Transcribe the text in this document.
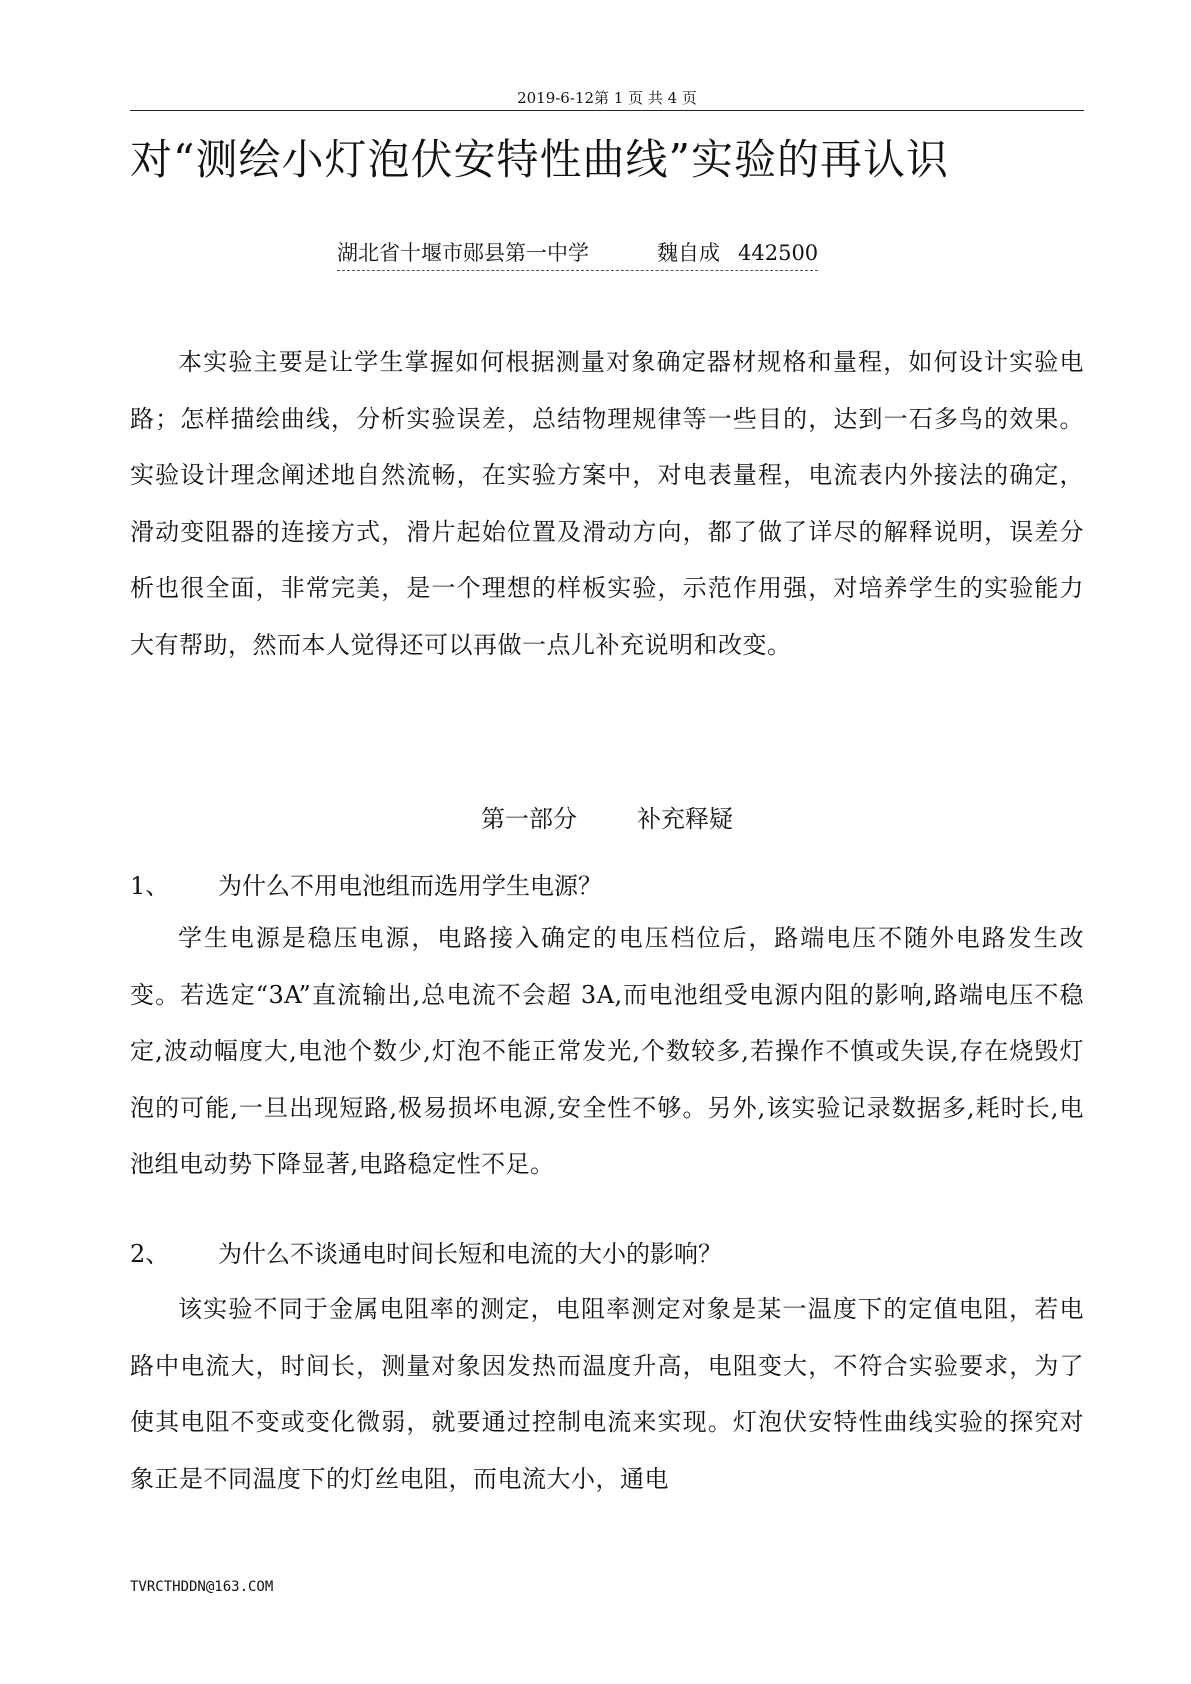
2019-6-12第 1 页 共 4 页
对“测绘小灯泡伏安特性曲线”实验的再认识
湖北省十堰市郧县第一中学	魏自成 442500
本实验主要是让学生掌握如何根据测量对象确定器材规格和量程，如何设计实验电路；怎样描绘曲线，分析实验误差，总结物理规律等一些目的，达到一石多鸟的效果。实验设计理念阐述地自然流畅，在实验方案中，对电表量程，电流表内外接法的确定，滑动变阻器的连接方式，滑片起始位置及滑动方向，都了做了详尽的解释说明，误差分析也很全面，非常完美，是一个理想的样板实验，示范作用强，对培养学生的实验能力大有帮助，然而本人觉得还可以再做一点儿补充说明和改变。
第一部分	补充释疑
1、 为什么不用电池组而选用学生电源？
学生电源是稳压电源，电路接入确定的电压档位后，路端电压不随外电路发生改变。若选定“3A”直流输出,总电流不会超 3A,而电池组受电源内阻的影响,路端电压不稳定,波动幅度大,电池个数少,灯泡不能正常发光,个数较多,若操作不慎或失误,存在烧毁灯泡的可能,一旦出现短路,极易损坏电源,安全性不够。另外,该实验记录数据多,耗时长,电池组电动势下降显著,电路稳定性不足。
2、 为什么不谈通电时间长短和电流的大小的影响？
该实验不同于金属电阻率的测定，电阻率测定对象是某一温度下的定值电阻，若电路中电流大，时间长，测量对象因发热而温度升高，电阻变大，不符合实验要求，为了使其电阻不变或变化微弱，就要通过控制电流来实现。灯泡伏安特性曲线实验的探究对象正是不同温度下的灯丝电阻，而电流大小，通电
TVRCTHDDN@163.COM
